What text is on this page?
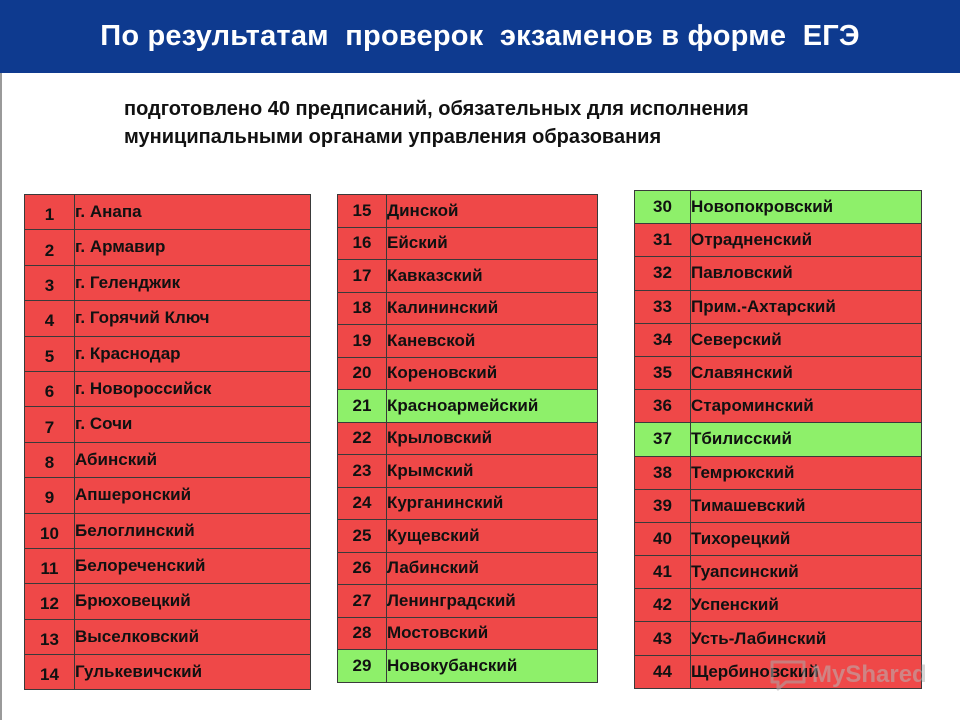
По результатам  проверок  экзаменов в форме  ЕГЭ
подготовлено 40 предписаний, обязательных для исполнения
муниципальными органами управления образования
1	г. Анапа
2	г. Армавир
3	г. Геленджик
4	г. Горячий Ключ
5	г. Краснодар
6	г. Новороссийск
7	г. Сочи
8	Абинский
9	Апшеронский
10	Белоглинский
11	Белореченский
12	Брюховецкий
13	Выселковский
14	Гулькевичский
15	Динской
16	Ейский
17	Кавказский
18	Калининский
19	Каневской
20	Кореновский
21	Красноармейский
22	Крыловский
23	Крымский
24	Курганинский
25	Кущевский
26	Лабинский
27	Ленинградский
28	Мостовский
29	Новокубанский
30	Новопокровский
31	Отрадненский
32	Павловский
33	Прим.-Ахтарский
34	Северский
35	Славянский
36	Староминский
37	Тбилисский
38	Темрюкский
39	Тимашевский
40	Тихорецкий
41	Туапсинский
42	Успенский
43	Усть-Лабинский
44	Щербиновский
MyShared
